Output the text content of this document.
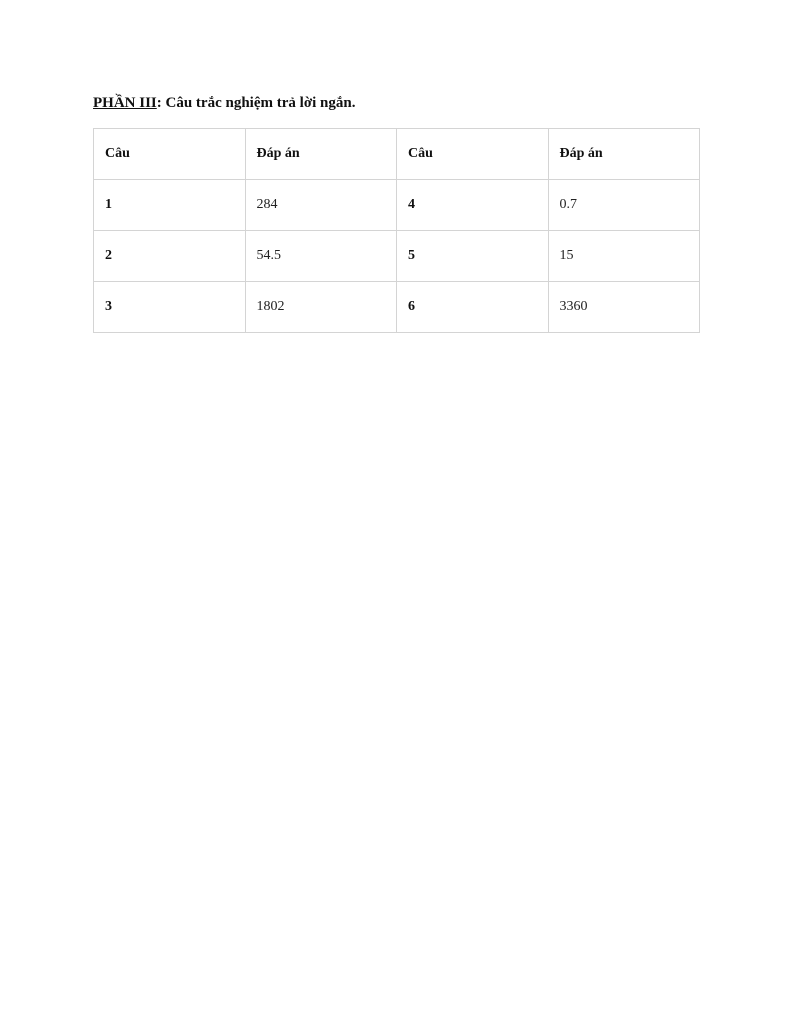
PHẦN III: Câu trắc nghiệm trả lời ngắn.
Câu	Đáp án	Câu	Đáp án
1	284	4	0.7
2	54.5	5	15
3	1802	6	3360
